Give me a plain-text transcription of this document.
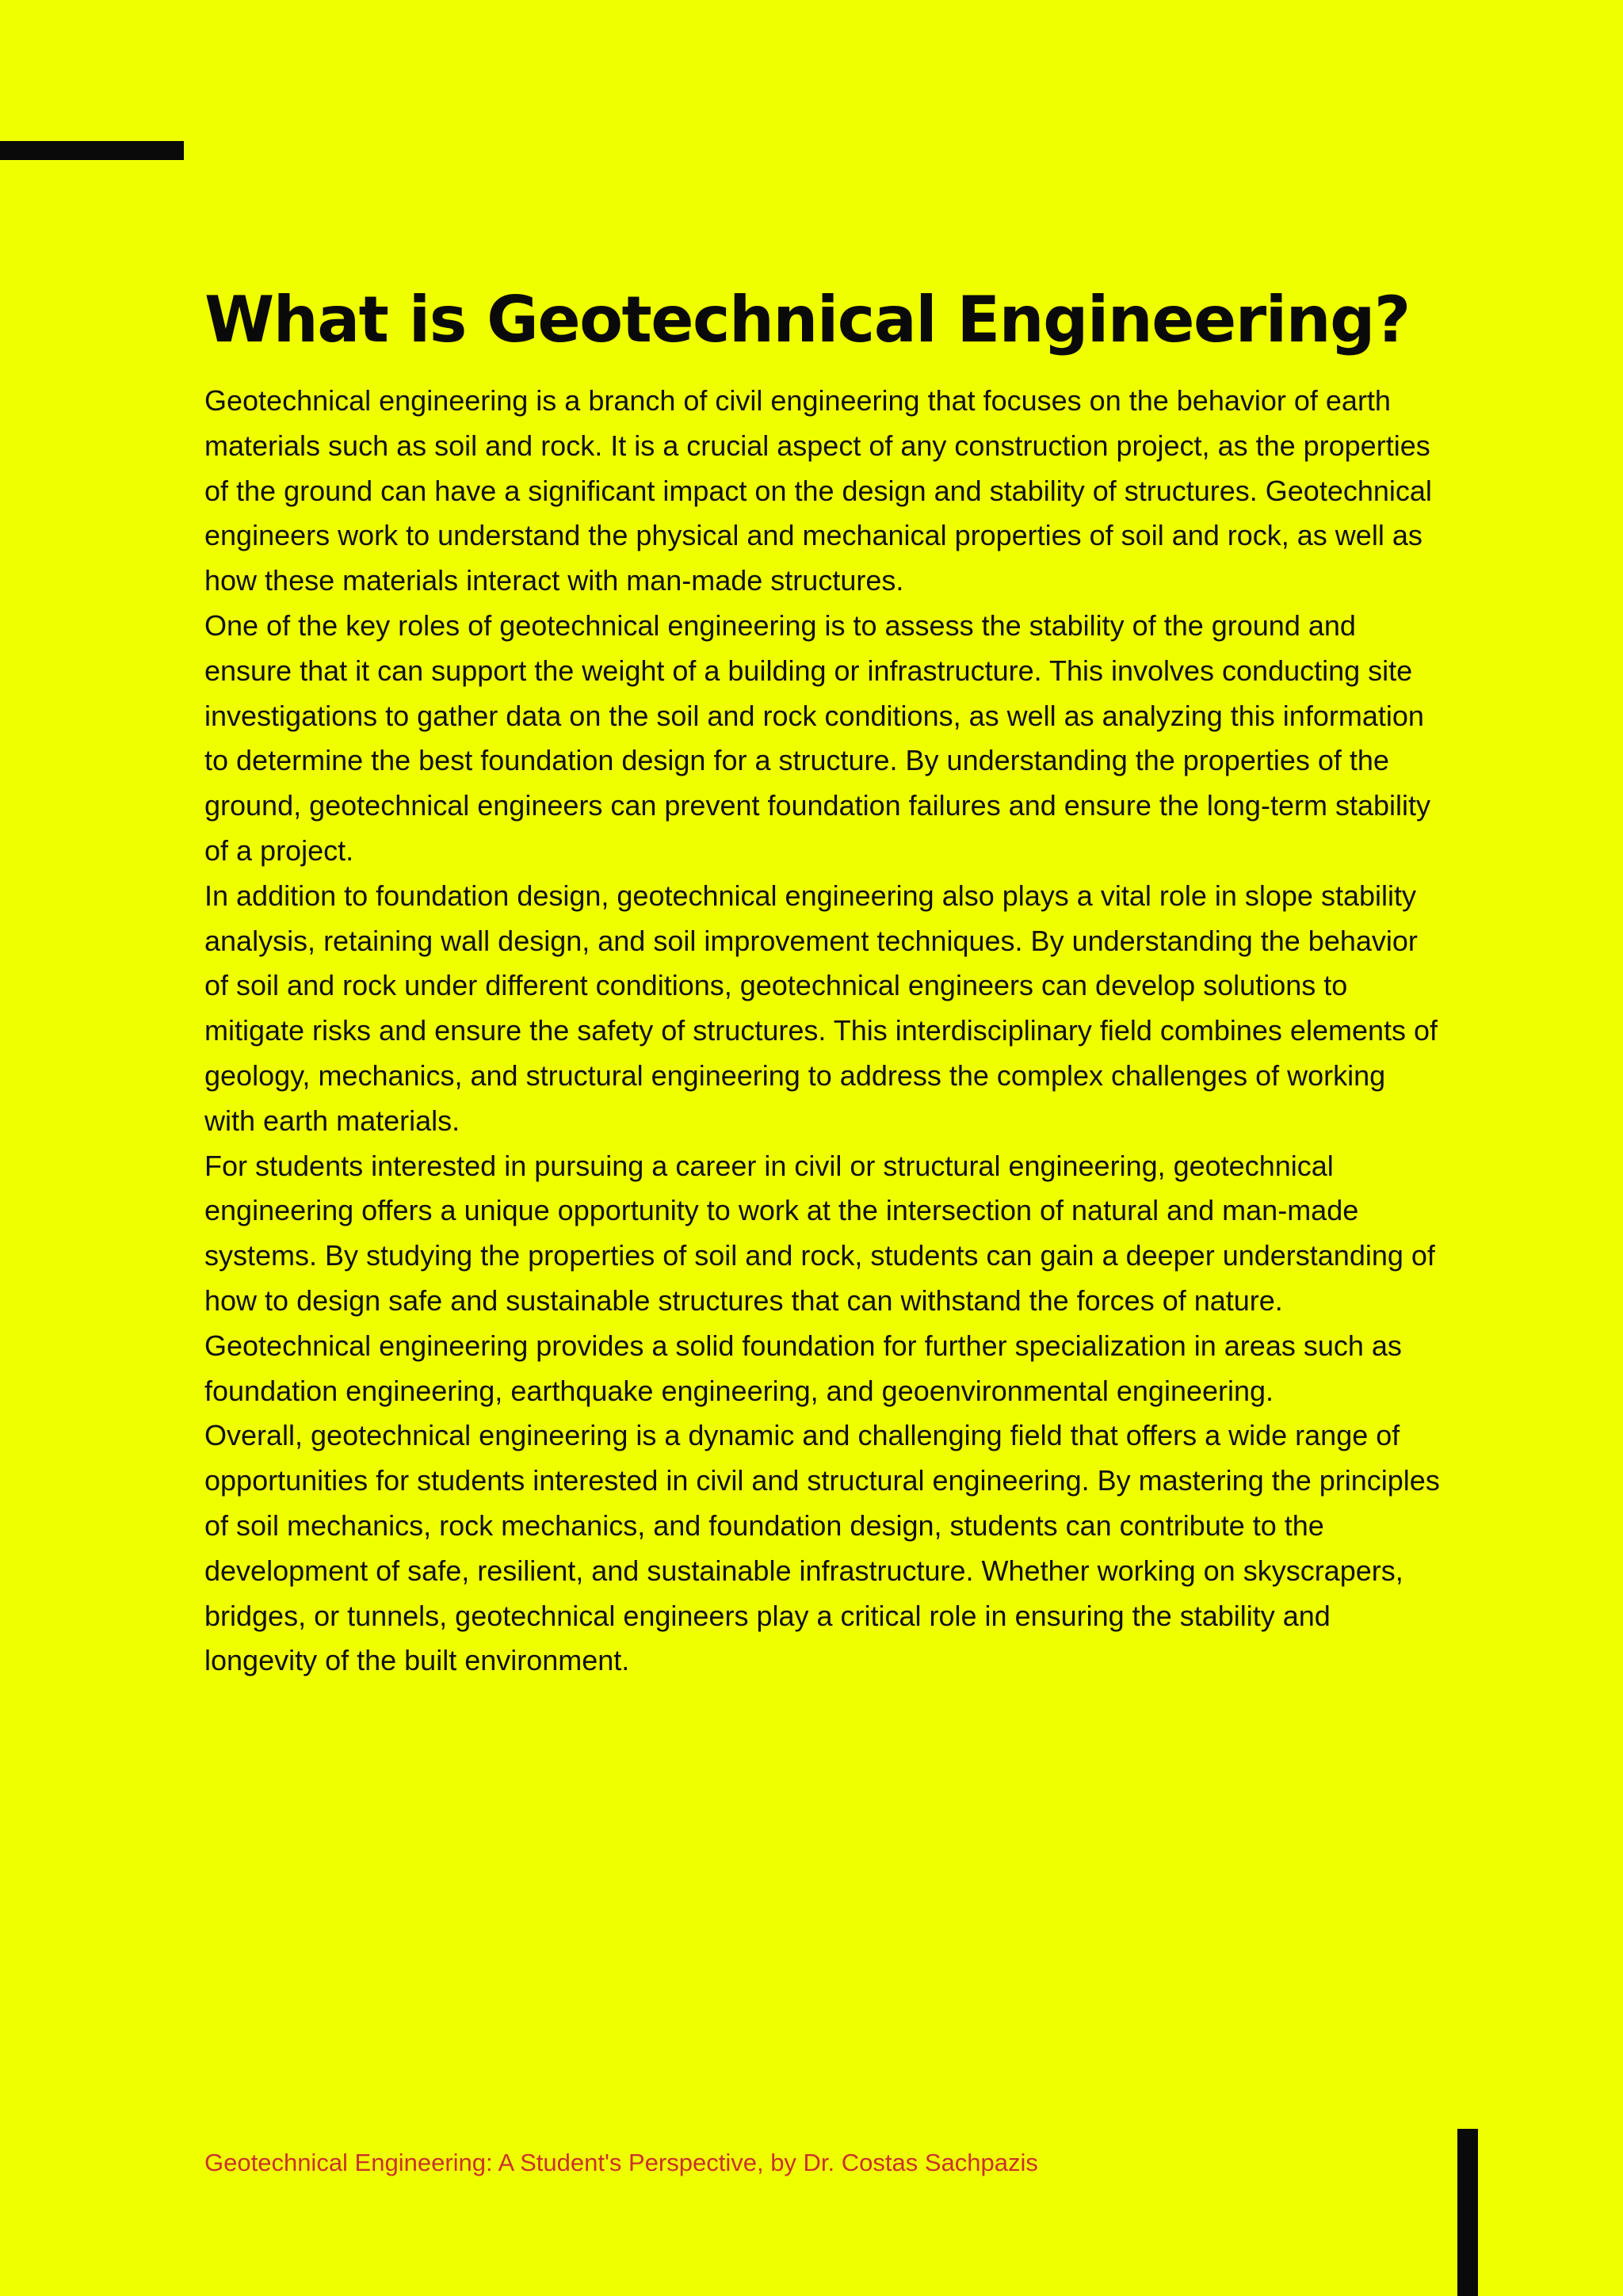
What is Geotechnical Engineering?

Geotechnical engineering is a branch of civil engineering that focuses on the behavior of earth materials such as soil and rock. It is a crucial aspect of any construction project, as the properties of the ground can have a significant impact on the design and stability of structures. Geotechnical engineers work to understand the physical and mechanical properties of soil and rock, as well as how these materials interact with man-made structures.

One of the key roles of geotechnical engineering is to assess the stability of the ground and ensure that it can support the weight of a building or infrastructure. This involves conducting site investigations to gather data on the soil and rock conditions, as well as analyzing this information to determine the best foundation design for a structure. By understanding the properties of the ground, geotechnical engineers can prevent foundation failures and ensure the long-term stability of a project.

In addition to foundation design, geotechnical engineering also plays a vital role in slope stability analysis, retaining wall design, and soil improvement techniques. By understanding the behavior of soil and rock under different conditions, geotechnical engineers can develop solutions to mitigate risks and ensure the safety of structures. This interdisciplinary field combines elements of geology, mechanics, and structural engineering to address the complex challenges of working with earth materials.

For students interested in pursuing a career in civil or structural engineering, geotechnical engineering offers a unique opportunity to work at the intersection of natural and man-made systems. By studying the properties of soil and rock, students can gain a deeper understanding of how to design safe and sustainable structures that can withstand the forces of nature. Geotechnical engineering provides a solid foundation for further specialization in areas such as foundation engineering, earthquake engineering, and geoenvironmental engineering.

Overall, geotechnical engineering is a dynamic and challenging field that offers a wide range of opportunities for students interested in civil and structural engineering. By mastering the principles of soil mechanics, rock mechanics, and foundation design, students can contribute to the development of safe, resilient, and sustainable infrastructure. Whether working on skyscrapers, bridges, or tunnels, geotechnical engineers play a critical role in ensuring the stability and longevity of the built environment.

Geotechnical Engineering: A Student's Perspective, by Dr. Costas Sachpazis
